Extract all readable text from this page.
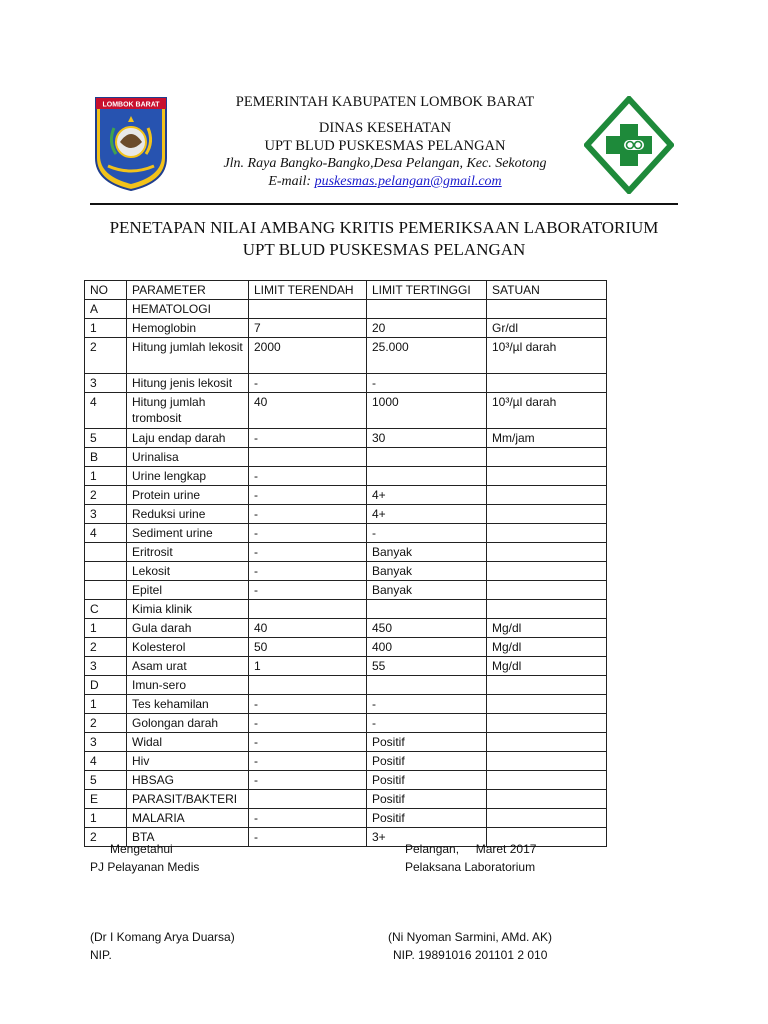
LOMBOK BARAT	PEMERINTAH KABUPATEN LOMBOK BARAT
DINAS KESEHATAN
UPT BLUD PUSKESMAS PELANGAN
Jln. Raya Bangko-Bangko,Desa Pelangan, Kec. Sekotong
E-mail: puskesmas.pelangan@gmail.com
PENETAPAN NILAI AMBANG KRITIS PEMERIKSAAN LABORATORIUM
UPT BLUD PUSKESMAS PELANGAN
NO	PARAMETER	LIMIT TERENDAH	LIMIT TERTINGGI	SATUAN
A	HEMATOLOGI			
1	Hemoglobin	7	20	Gr/dl
2	Hitung jumlah lekosit	2000	25.000	10³/µl darah
3	Hitung jenis lekosit	-	-	
4	Hitung jumlah trombosit	40	1000	10³/µl darah
5	Laju endap darah	-	30	Mm/jam
B	Urinalisa			
1	Urine lengkap	-		
2	Protein urine	-	4+	
3	Reduksi urine	-	4+	
4	Sediment urine	-	-	
	Eritrosit	-	Banyak	
	Lekosit	-	Banyak	
	Epitel	-	Banyak	
C	Kimia klinik			
1	Gula darah	40	450	Mg/dl
2	Kolesterol	50	400	Mg/dl
3	Asam urat	1	55	Mg/dl
D	Imun-sero			
1	Tes kehamilan	-	-	
2	Golongan darah	-	-	
3	Widal	-	Positif	
4	Hiv	-	Positif	
5	HBSAG	-	Positif	
E	PARASIT/BAKTERI		Positif	
1	MALARIA	-	Positif	
2	BTA	-	3+	
Mengetahui
PJ Pelayanan Medis
(Dr I Komang Arya Duarsa)
NIP.
Pelangan,     Maret 2017
Pelaksana Laboratorium
(Ni Nyoman Sarmini, AMd. AK)
NIP. 19891016 201101 2 010
